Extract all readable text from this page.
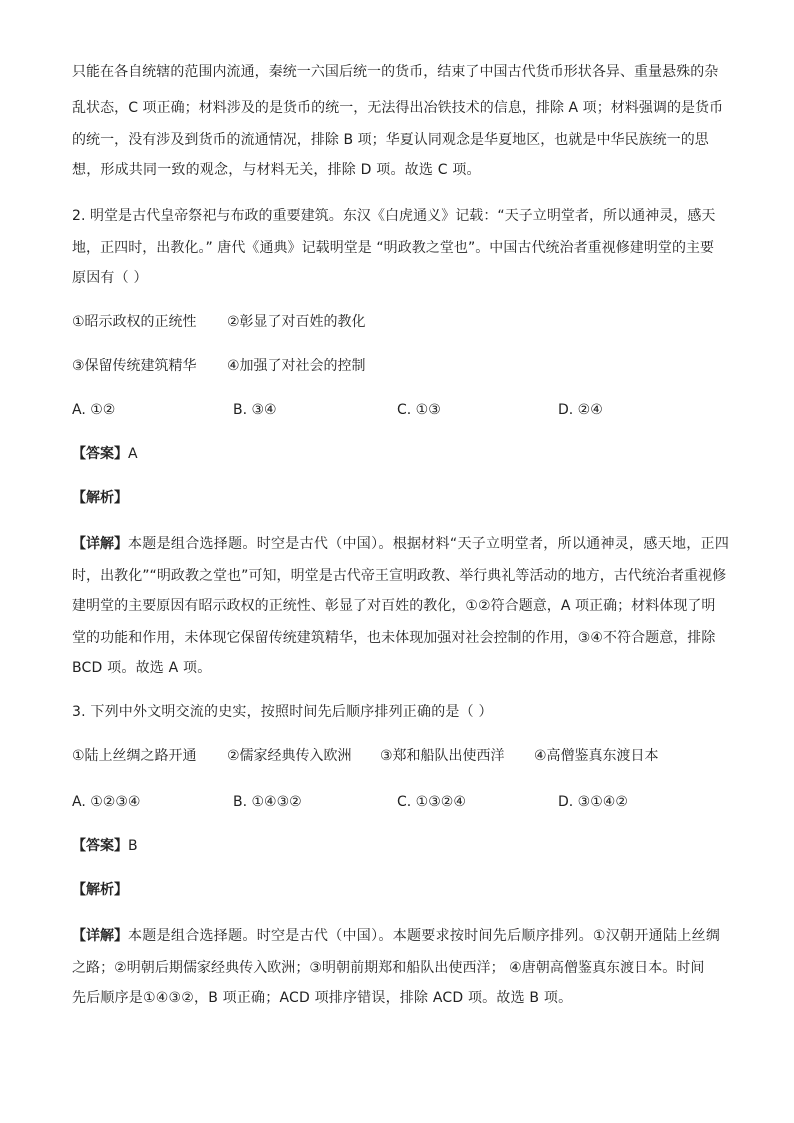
只能在各自统辖的范围内流通，秦统一六国后统一的货币，结束了中国古代货币形状各异、重量悬殊的杂
乱状态，C 项正确；材料涉及的是货币的统一，无法得出冶铁技术的信息，排除 A 项；材料强调的是货币
的统一，没有涉及到货币的流通情况，排除 B 项；华夏认同观念是华夏地区，也就是中华民族统一的思
想，形成共同一致的观念，与材料无关，排除 D 项。故选 C 项。
2. 明堂是古代皇帝祭祀与布政的重要建筑。东汉《白虎通义》记载：“天子立明堂者，所以通神灵，感天
地，正四时，出教化。” 唐代《通典》记载明堂是 “明政教之堂也”。中国古代统治者重视修建明堂的主要
原因有（ ）
①昭示政权的正统性 ②彰显了对百姓的教化
③保留传统建筑精华 ④加强了对社会的控制
A. ①②	B. ③④	C. ①③	D. ②④
【答案】 A
【解析】
【详解】 本题是组合选择题。时空是古代（中国）。根据材料“天子立明堂者，所以通神灵，感天地，正四
时，出教化”“明政教之堂也”可知，明堂是古代帝王宣明政教、举行典礼等活动的地方，古代统治者重视修
建明堂的主要原因有昭示政权的正统性、彰显了对百姓的教化，①②符合题意，A 项正确；材料体现了明
堂的功能和作用，未体现它保留传统建筑精华，也未体现加强对社会控制的作用，③④不符合题意，排除
BCD 项。故选 A 项。
3. 下列中外文明交流的史实，按照时间先后顺序排列正确的是（ ）
①陆上丝绸之路开通 ②儒家经典传入欧洲 ③郑和船队出使西洋 ④高僧鉴真东渡日本
A. ①②③④	B. ①④③②	C. ①③②④	D. ③①④②
【答案】 B
【解析】
【详解】 本题是组合选择题。时空是古代（中国）。本题要求按时间先后顺序排列。①汉朝开通陆上丝绸
之路；②明朝后期儒家经典传入欧洲；③明朝前期郑和船队出使西洋； ④唐朝高僧鉴真东渡日本。时间
先后顺序是①④③②，B 项正确；ACD 项排序错误，排除 ACD 项。故选 B 项。
